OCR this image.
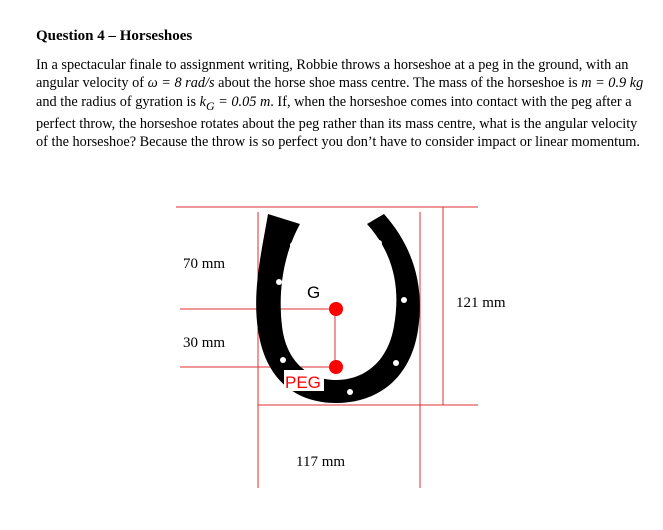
Question 4 – Horseshoes
In a spectacular finale to assignment writing, Robbie throws a horseshoe at a peg in the ground, with an angular velocity of ω = 8 rad/s about the horse shoe mass centre. The mass of the horseshoe is m = 0.9 kg and the radius of gyration is $k_G = 0.05$ m. If, when the horseshoe comes into contact with the peg after a perfect throw, the horseshoe rotates about the peg rather than its mass centre, what is the angular velocity of the horseshoe? Because the throw is so perfect you don’t have to consider impact or linear momentum.
G
PEG
70 mm
30 mm
121 mm
117 mm
